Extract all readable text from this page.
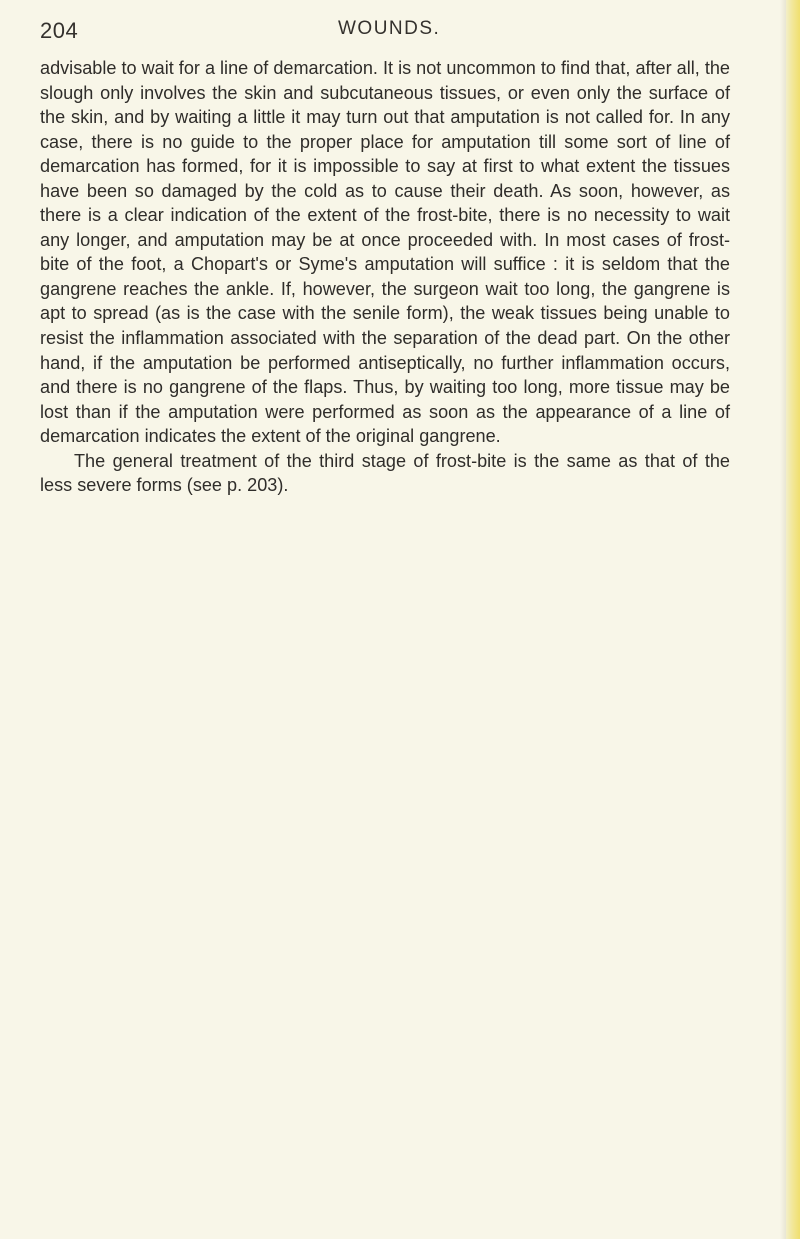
204	WOUNDS.

advisable to wait for a line of demarcation. It is not uncommon to find that, after all, the slough only involves the skin and subcutaneous tissues, or even only the surface of the skin, and by waiting a little it may turn out that amputation is not called for. In any case, there is no guide to the proper place for amputation till some sort of line of demarcation has formed, for it is impossible to say at first to what extent the tissues have been so damaged by the cold as to cause their death. As soon, however, as there is a clear indication of the extent of the frost-bite, there is no necessity to wait any longer, and amputation may be at once proceeded with. In most cases of frost-bite of the foot, a Chopart's or Syme's amputation will suffice : it is seldom that the gangrene reaches the ankle. If, however, the surgeon wait too long, the gangrene is apt to spread (as is the case with the senile form), the weak tissues being unable to resist the inflammation associated with the separation of the dead part. On the other hand, if the amputation be performed antiseptically, no further inflammation occurs, and there is no gangrene of the flaps. Thus, by waiting too long, more tissue may be lost than if the amputation were performed as soon as the appearance of a line of demarcation indicates the extent of the original gangrene.

The general treatment of the third stage of frost-bite is the same as that of the less severe forms (see p. 203).
